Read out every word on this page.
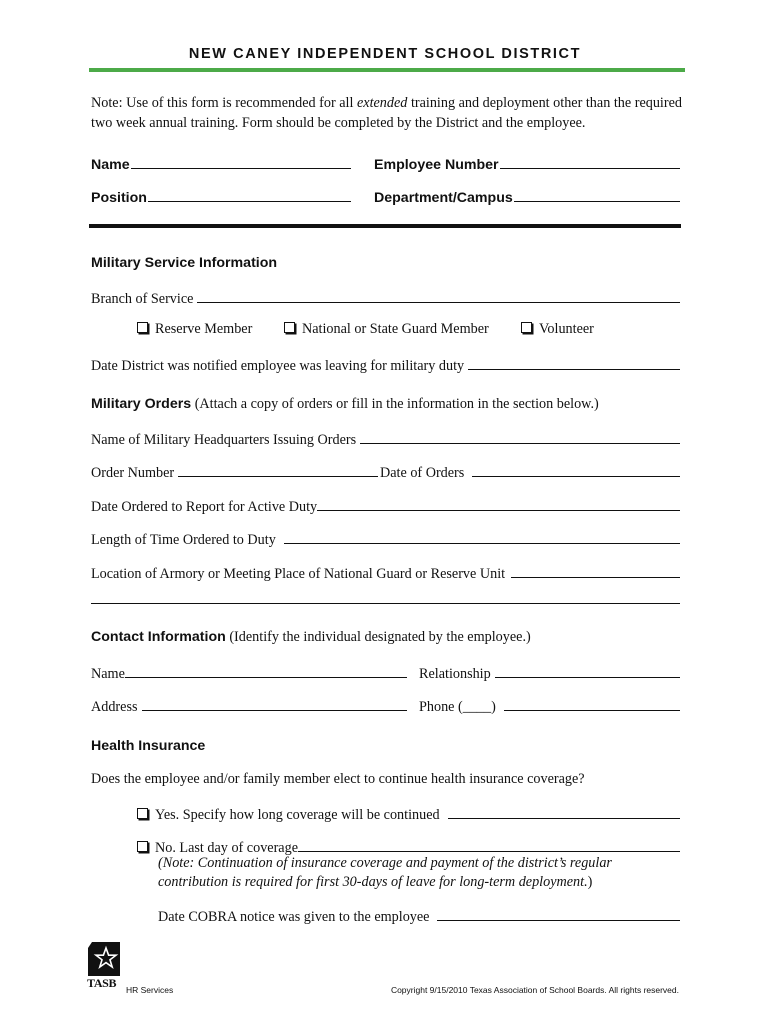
NEW CANEY INDEPENDENT SCHOOL DISTRICT
Note: Use of this form is recommended for all extended training and deployment other than the required two week annual training. Form should be completed by the District and the employee.
Name	Employee Number
Position	Department/Campus
Military Service Information
Branch of Service
Reserve Member	National or State Guard Member	Volunteer
Date District was notified employee was leaving for military duty
Military Orders (Attach a copy of orders or fill in the information in the section below.)
Name of Military Headquarters Issuing Orders
Order Number	Date of Orders
Date Ordered to Report for Active Duty
Length of Time Ordered to Duty
Location of Armory or Meeting Place of National Guard or Reserve Unit
Contact Information (Identify the individual designated by the employee.)
Name	Relationship
Address	Phone (____)
Health Insurance
Does the employee and/or family member elect to continue health insurance coverage?
Yes. Specify how long coverage will be continued
No. Last day of coverage
(Note: Continuation of insurance coverage and payment of the district’s regular
contribution is required for first 30-days of leave for long-term deployment.)
Date COBRA notice was given to the employee
TASB HR Services	Copyright 9/15/2010 Texas Association of School Boards. All rights reserved.
